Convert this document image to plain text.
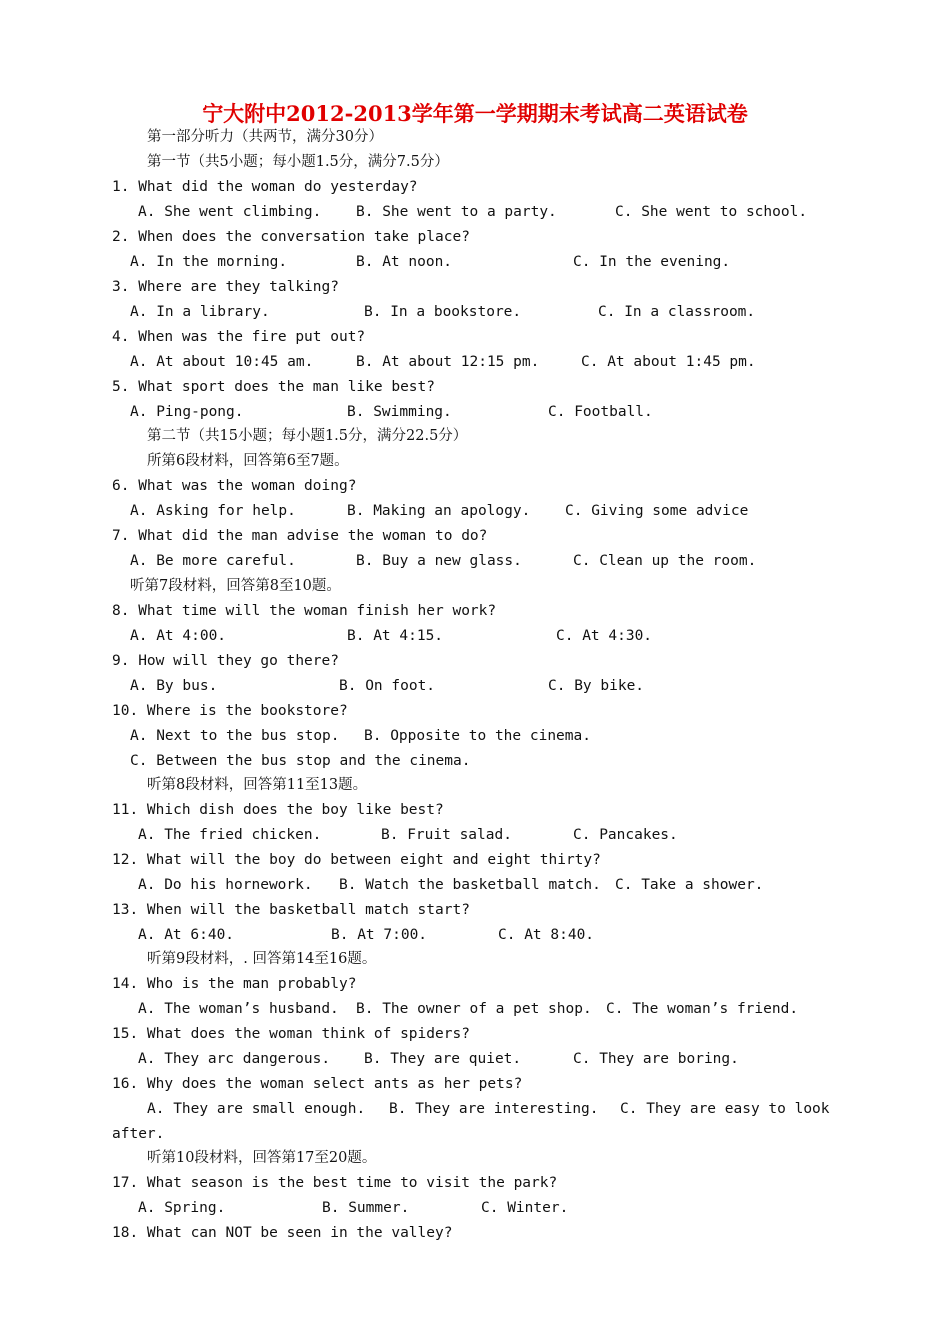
宁大附中2012-2013学年第一学期期末考试高二英语试卷
第一部分听力（共两节，满分30分）
第一节（共5小题；每小题1.5分，满分7.5分）
1. What did the woman do yesterday?
A. She went climbing. B. She went to a party.	C. She went to school.
2. When does the conversation take place?
A. In the morning.	B. At noon.	C. In the evening.
3. Where are they talking?
A. In a library.	B. In a bookstore.	C. In a classroom.
4. When was the fire put out?
A. At about 10:45 am.	B. At about 12:15 pm.	C. At about 1:45 pm.
5. What sport does the man like best?
A. Ping-pong.	B. Swimming.	C. Football.
第二节（共15小题；每小题1.5分，满分22.5分）
所第6段材料，回答第6至7题。
6. What was the woman doing?
A. Asking for help.	B. Making an apology. C. Giving some advice
7. What did the man advise the woman to do?
A. Be more careful.	B. Buy a new glass.	C. Clean up the room.
听第7段材料，回答第8至10题。
8. What time will the woman finish her work?
A. At 4:00.	B. At 4:15.	C. At 4:30.
9. How will they go there?
A. By bus.	B. On foot.	C. By bike.
10. Where is the bookstore?
A. Next to the bus stop. B. Opposite to the cinema.
C. Between the bus stop and the cinema.
听第8段材料，回答第11至13题。
11. Which dish does the boy like best?
A. The fried chicken.	B. Fruit salad.	C. Pancakes.
12. What will the boy do between eight and eight thirty?
A. Do his hornework. B. Watch the basketball match. C. Take a shower.
13. When will the basketball match start?
A. At 6:40.	B. At 7:00.	C. At 8:40.
听第9段材料，. 回答第14至16题。
14. Who is the man probably?
A. The woman’s husband. B. The owner of a pet shop. C. The woman’s friend.
15. What does the woman think of spiders?
A. They arc dangerous. B. They are quiet.	C. They are boring.
16. Why does the woman select ants as her pets?
A. They are small enough. B. They are interesting. C. They are easy to look
after.
听第10段材料，回答第17至20题。
17. What season is the best time to visit the park?
A. Spring.	B. Summer.	C. Winter.
18. What can NOT be seen in the valley?
